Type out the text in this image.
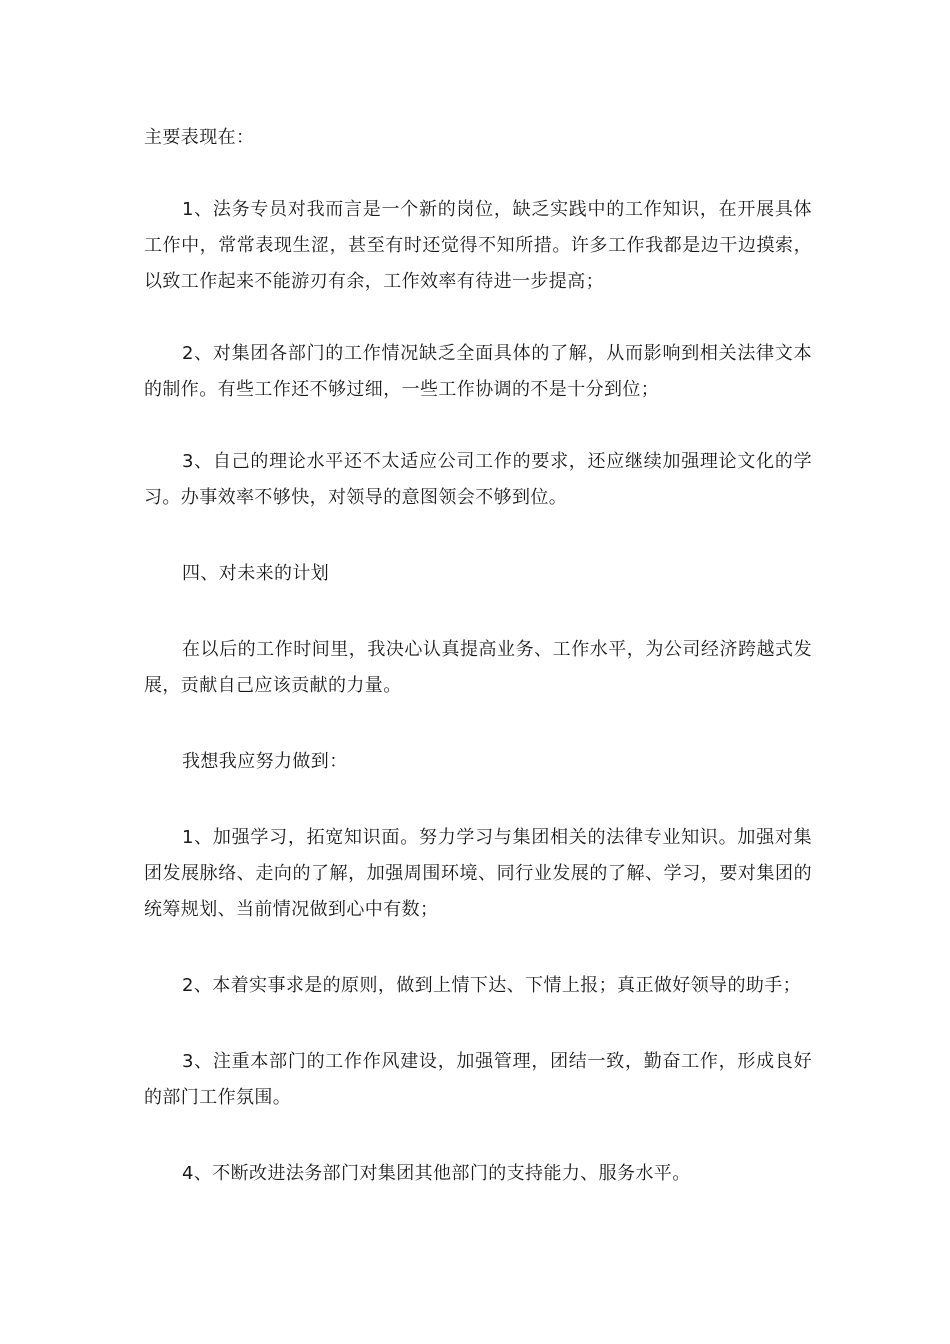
主要表现在：

1、法务专员对我而言是一个新的岗位，缺乏实践中的工作知识，在开展具体工作中，常常表现生涩，甚至有时还觉得不知所措。许多工作我都是边干边摸索，以致工作起来不能游刃有余，工作效率有待进一步提高；

2、对集团各部门的工作情况缺乏全面具体的了解，从而影响到相关法律文本的制作。有些工作还不够过细，一些工作协调的不是十分到位；

3、自己的理论水平还不太适应公司工作的要求，还应继续加强理论文化的学习。办事效率不够快，对领导的意图领会不够到位。

四、对未来的计划

在以后的工作时间里，我决心认真提高业务、工作水平，为公司经济跨越式发展，贡献自己应该贡献的力量。

我想我应努力做到：

1、加强学习，拓宽知识面。努力学习与集团相关的法律专业知识。加强对集团发展脉络、走向的了解，加强周围环境、同行业发展的了解、学习，要对集团的统筹规划、当前情况做到心中有数；

2、本着实事求是的原则，做到上情下达、下情上报；真正做好领导的助手；

3、注重本部门的工作作风建设，加强管理，团结一致，勤奋工作，形成良好的部门工作氛围。

4、不断改进法务部门对集团其他部门的支持能力、服务水平。
